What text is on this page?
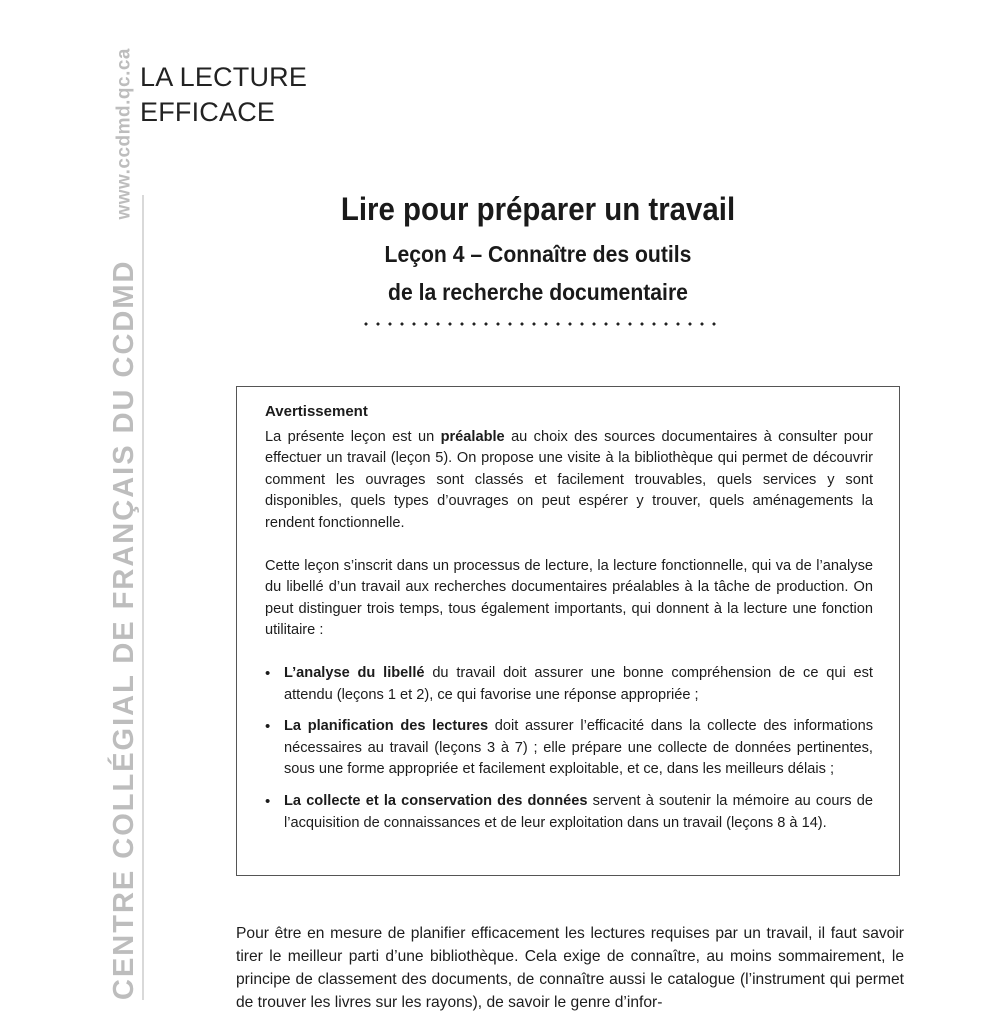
LA LECTURE
EFFICACE
CENTRE COLLÉGIAL DE FRANÇAIS DU CCDMDwww.ccdmd.qc.ca	Lire pour préparer un travail
Leçon 4 – Connaître des outils
de la recherche documentaire
Avertissement

La présente leçon est un préalable au choix des sources documentaires à consulter pour effectuer un travail (leçon 5). On propose une visite à la bibliothèque qui permet de découvrir comment les ouvrages sont classés et facilement trouvables, quels services y sont disponibles, quels types d’ouvrages on peut espérer y trouver, quels aménagements la rendent fonctionnelle.

Cette leçon s’inscrit dans un processus de lecture, la lecture fonctionnelle, qui va de l’analyse du libellé d’un travail aux recherches documentaires préalables à la tâche de production. On peut distinguer trois temps, tous également importants, qui donnent à la lecture une fonction utilitaire :

• L’analyse du libellé du travail doit assurer une bonne compréhension de ce qui est attendu (leçons 1 et 2), ce qui favorise une réponse appropriée ;
• La planification des lectures doit assurer l’efficacité dans la collecte des informations nécessaires au travail (leçons 3 à 7) ; elle prépare une collecte de données pertinentes, sous une forme appropriée et facilement exploitable, et ce, dans les meilleurs délais ;
• La collecte et la conservation des données servent à soutenir la mémoire au cours de l’acquisition de connaissances et de leur exploitation dans un travail (leçons 8 à 14).
Pour être en mesure de planifier efficacement les lectures requises par un travail, il faut savoir tirer le meilleur parti d’une bibliothèque. Cela exige de connaître, au moins sommairement, le principe de classement des documents, de connaître aussi le catalogue (l’instrument qui permet de trouver les livres sur les rayons), de savoir le genre d’infor-
